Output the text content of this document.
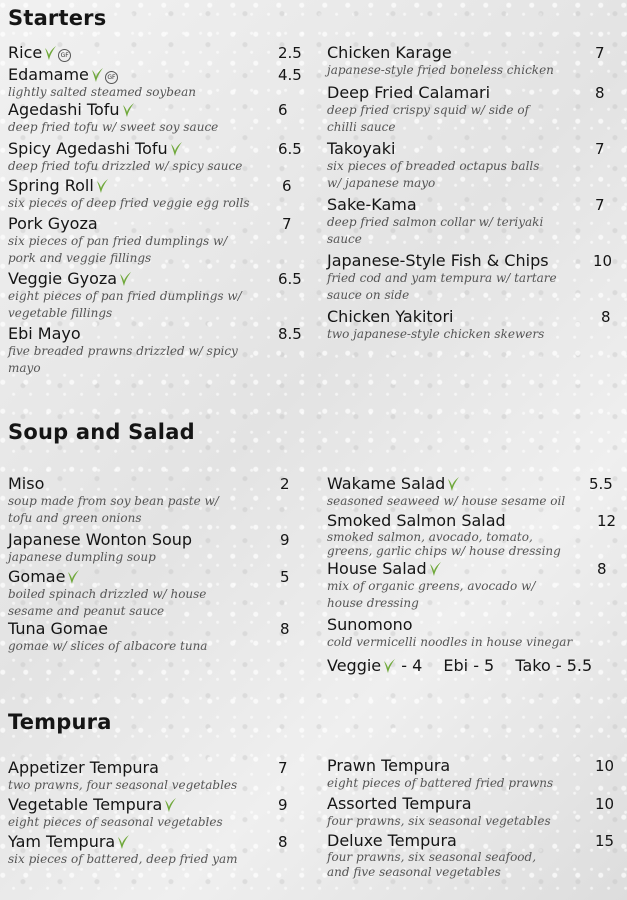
Starters
Rice	GF	2.5
Edamame	GF	4.5
lightly salted steamed soybean
Agedashi Tofu	6
deep fried tofu w/ sweet soy sauce
Spicy Agedashi Tofu	6.5
deep fried tofu drizzled w/ spicy sauce
Spring Roll	6
six pieces of deep fried veggie egg rolls
Pork Gyoza	7
six pieces of pan fried dumplings w/
pork and veggie fillings
Veggie Gyoza	6.5
eight pieces of pan fried dumplings w/
vegetable fillings
Ebi Mayo	8.5
five breaded prawns drizzled w/ spicy
mayo
Chicken Karage	7
japanese-style fried boneless chicken
Deep Fried Calamari	8
deep fried crispy squid w/ side of
chilli sauce
Takoyaki	7
six pieces of breaded octapus balls
w/ japanese mayo
Sake-Kama	7
deep fried salmon collar w/ teriyaki
sauce
Japanese-Style Fish & Chips	10
fried cod and yam tempura w/ tartare
sauce on side
Chicken Yakitori	8
two japanese-style chicken skewers
Soup and Salad
Miso	2
soup made from soy bean paste w/
tofu and green onions
Japanese Wonton Soup	9
japanese dumpling soup
Gomae	5
boiled spinach drizzled w/ house
sesame and peanut sauce
Tuna Gomae	8
gomae w/ slices of albacore tuna
Wakame Salad	5.5
seasoned seaweed w/ house sesame oil
Smoked Salmon Salad	12
smoked salmon, avocado, tomato,
greens, garlic chips w/ house dressing
House Salad	8
mix of organic greens, avocado w/
house dressing
Sunomono
cold vermicelli noodles in house vinegar
Veggie - 4 Ebi - 5 Tako - 5.5
Tempura
Appetizer Tempura	7
two prawns, four seasonal vegetables
Vegetable Tempura	9
eight pieces of seasonal vegetables
Yam Tempura	8
six pieces of battered, deep fried yam
Prawn Tempura	10
eight pieces of battered fried prawns
Assorted Tempura	10
four prawns, six seasonal vegetables
Deluxe Tempura	15
four prawns, six seasonal seafood,
and five seasonal vegetables
